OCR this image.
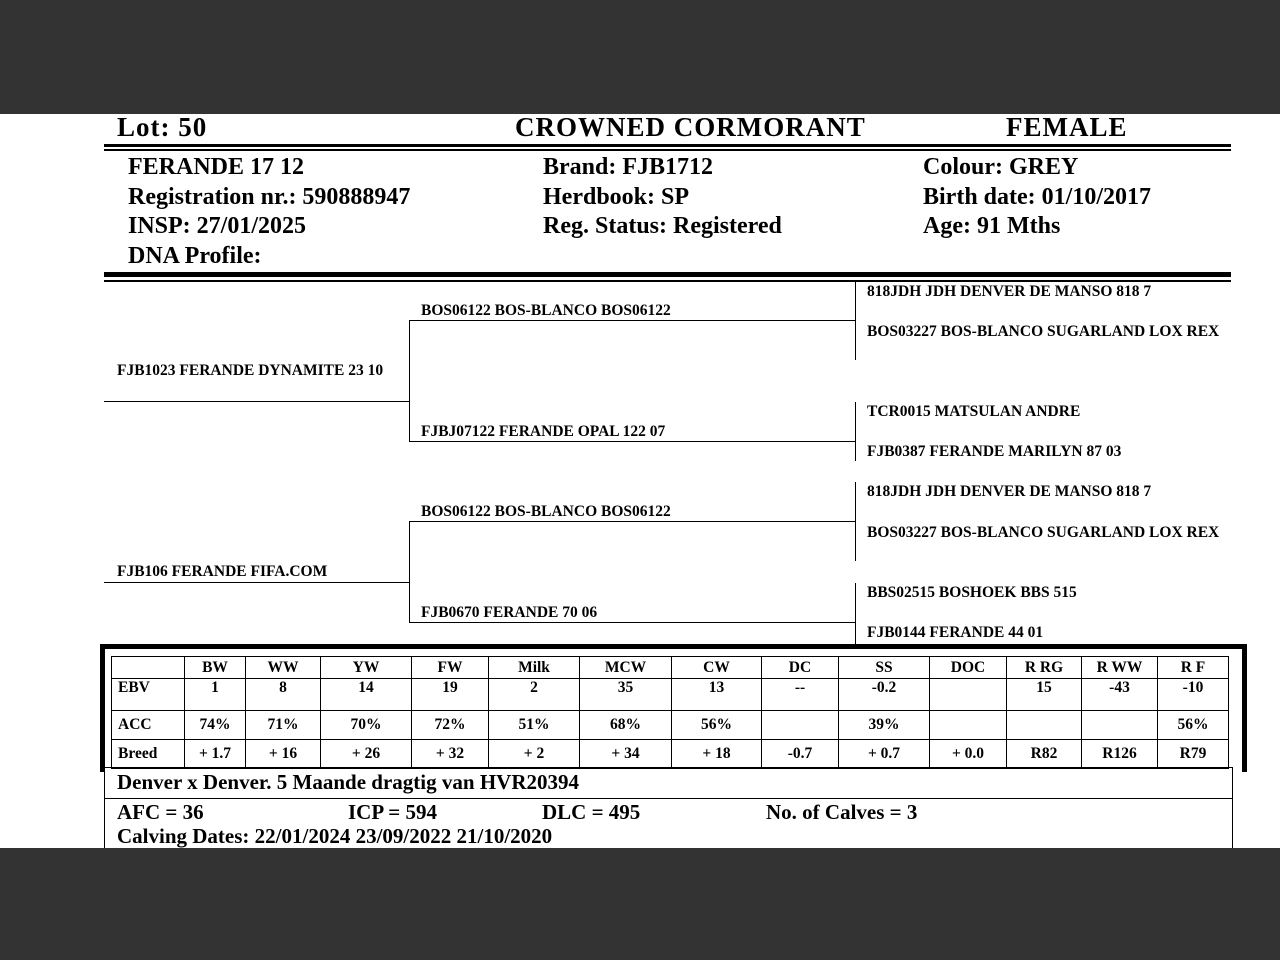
Lot: 50	CROWNED CORMORANT	FEMALE
FERANDE 17 12
Registration nr.: 590888947
INSP: 27/01/2025
DNA Profile:
Brand: FJB1712
Herdbook: SP
Reg. Status: Registered
Colour: GREY
Birth date: 01/10/2017
Age: 91 Mths
FJB1023 FERANDE DYNAMITE 23 10
FJB106 FERANDE FIFA.COM
BOS06122 BOS-BLANCO BOS06122
FJBJ07122 FERANDE OPAL 122 07
BOS06122 BOS-BLANCO BOS06122
FJB0670 FERANDE 70 06
818JDH JDH DENVER DE MANSO 818 7
BOS03227 BOS-BLANCO SUGARLAND LOX REX
TCR0015 MATSULAN ANDRE
FJB0387 FERANDE MARILYN 87 03
818JDH JDH DENVER DE MANSO 818 7
BOS03227 BOS-BLANCO SUGARLAND LOX REX
BBS02515 BOSHOEK BBS 515
FJB0144 FERANDE 44 01
	BW	WW	YW	FW	Milk	MCW	CW	DC	SS	DOC	R RG	R WW	R F
EBV	1	8	14	19	2	35	13	--	-0.2		15	-43	-10
ACC	74%	71%	70%	72%	51%	68%	56%		39%				56%
Breed	+ 1.7	+ 16	+ 26	+ 32	+ 2	+ 34	+ 18	-0.7	+ 0.7	+ 0.0	R82	R126	R79
Denver x Denver. 5 Maande dragtig van HVR20394
AFC = 36	ICP = 594	DLC = 495	No. of Calves = 3
Calving Dates: 22/01/2024 23/09/2022 21/10/2020
